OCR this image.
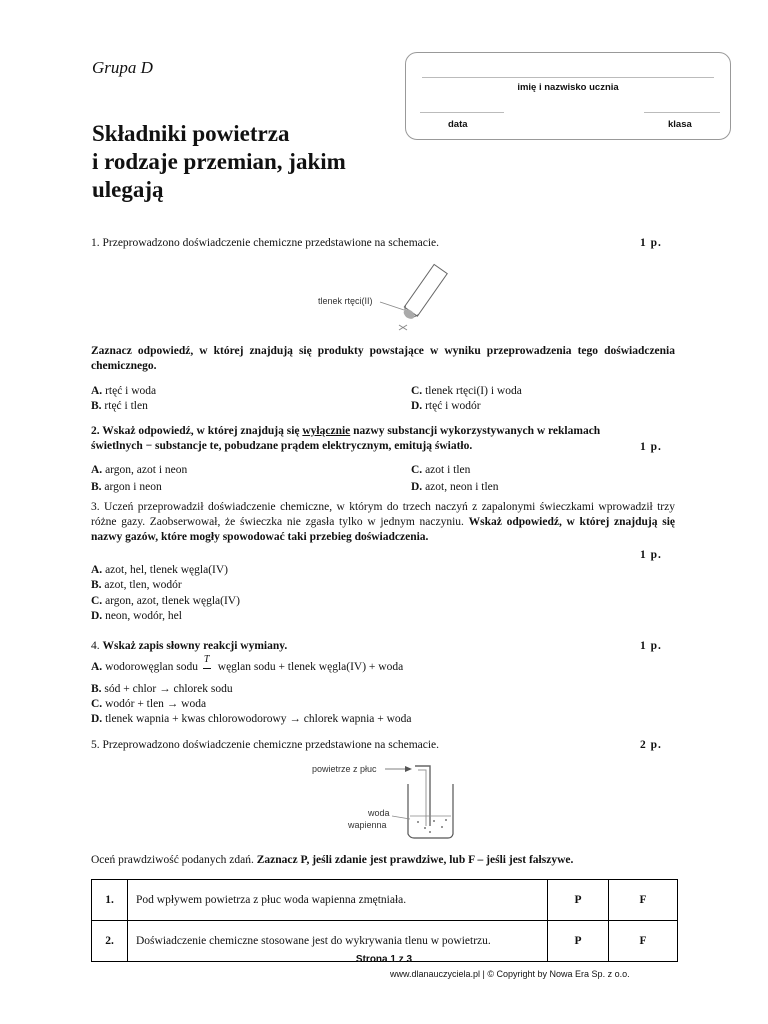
Grupa D
Składniki powietrza
i rodzaje przemian, jakim
ulegają
imię i nazwisko ucznia
data	klasa
1. Przeprowadzono doświadczenie chemiczne przedstawione na schemacie.	1 p.
tlenek rtęci(II)
Zaznacz odpowiedź, w której znajdują się produkty powstające w wyniku przeprowadzenia tego doświadczenia chemicznego.
A. rtęć i woda
B. rtęć i tlen
C. tlenek rtęci(I) i woda
D. rtęć i wodór
2. Wskaż odpowiedź, w której znajdują się wyłącznie nazwy substancji wykorzystywanych w reklamach
świetlnych − substancje te, pobudzane prądem elektrycznym, emitują światło.	1 p.
A. argon, azot i neon
B. argon i neon
C. azot i tlen
D. azot, neon i tlen
3. Uczeń przeprowadził doświadczenie chemiczne, w którym do trzech naczyń z zapalonymi świeczkami wprowadził trzy różne gazy. Zaobserwował, że świeczka nie zgasła tylko w jednym naczyniu. Wskaż odpowiedź, w której znajdują się nazwy gazów, które mogły spowodować taki przebieg doświadczenia.
1 p.
A. azot, hel, tlenek węgla(IV)
B. azot, tlen, wodór
C. argon, azot, tlenek węgla(IV)
D. neon, wodór, hel
4. Wskaż zapis słowny reakcji wymiany.	1 p.
A. wodorowęglan sodu
T
węglan sodu + tlenek węgla(IV) + woda
B. sód + chlor → chlorek sodu
C. wodór + tlen → woda
D. tlenek wapnia + kwas chlorowodorowy → chlorek wapnia + woda
5. Przeprowadzono doświadczenie chemiczne przedstawione na schemacie.	2 p.
powietrze z płuc
woda
wapienna
Oceń prawdziwość podanych zdań. Zaznacz P, jeśli zdanie jest prawdziwe, lub F – jeśli jest fałszywe.
1.	Pod wpływem powietrza z płuc woda wapienna zmętniała.	P	F
2.	Doświadczenie chemiczne stosowane jest do wykrywania tlenu w powietrzu.	P	F
Strona 1 z 3
www.dlanauczyciela.pl | © Copyright by Nowa Era Sp. z o.o.
